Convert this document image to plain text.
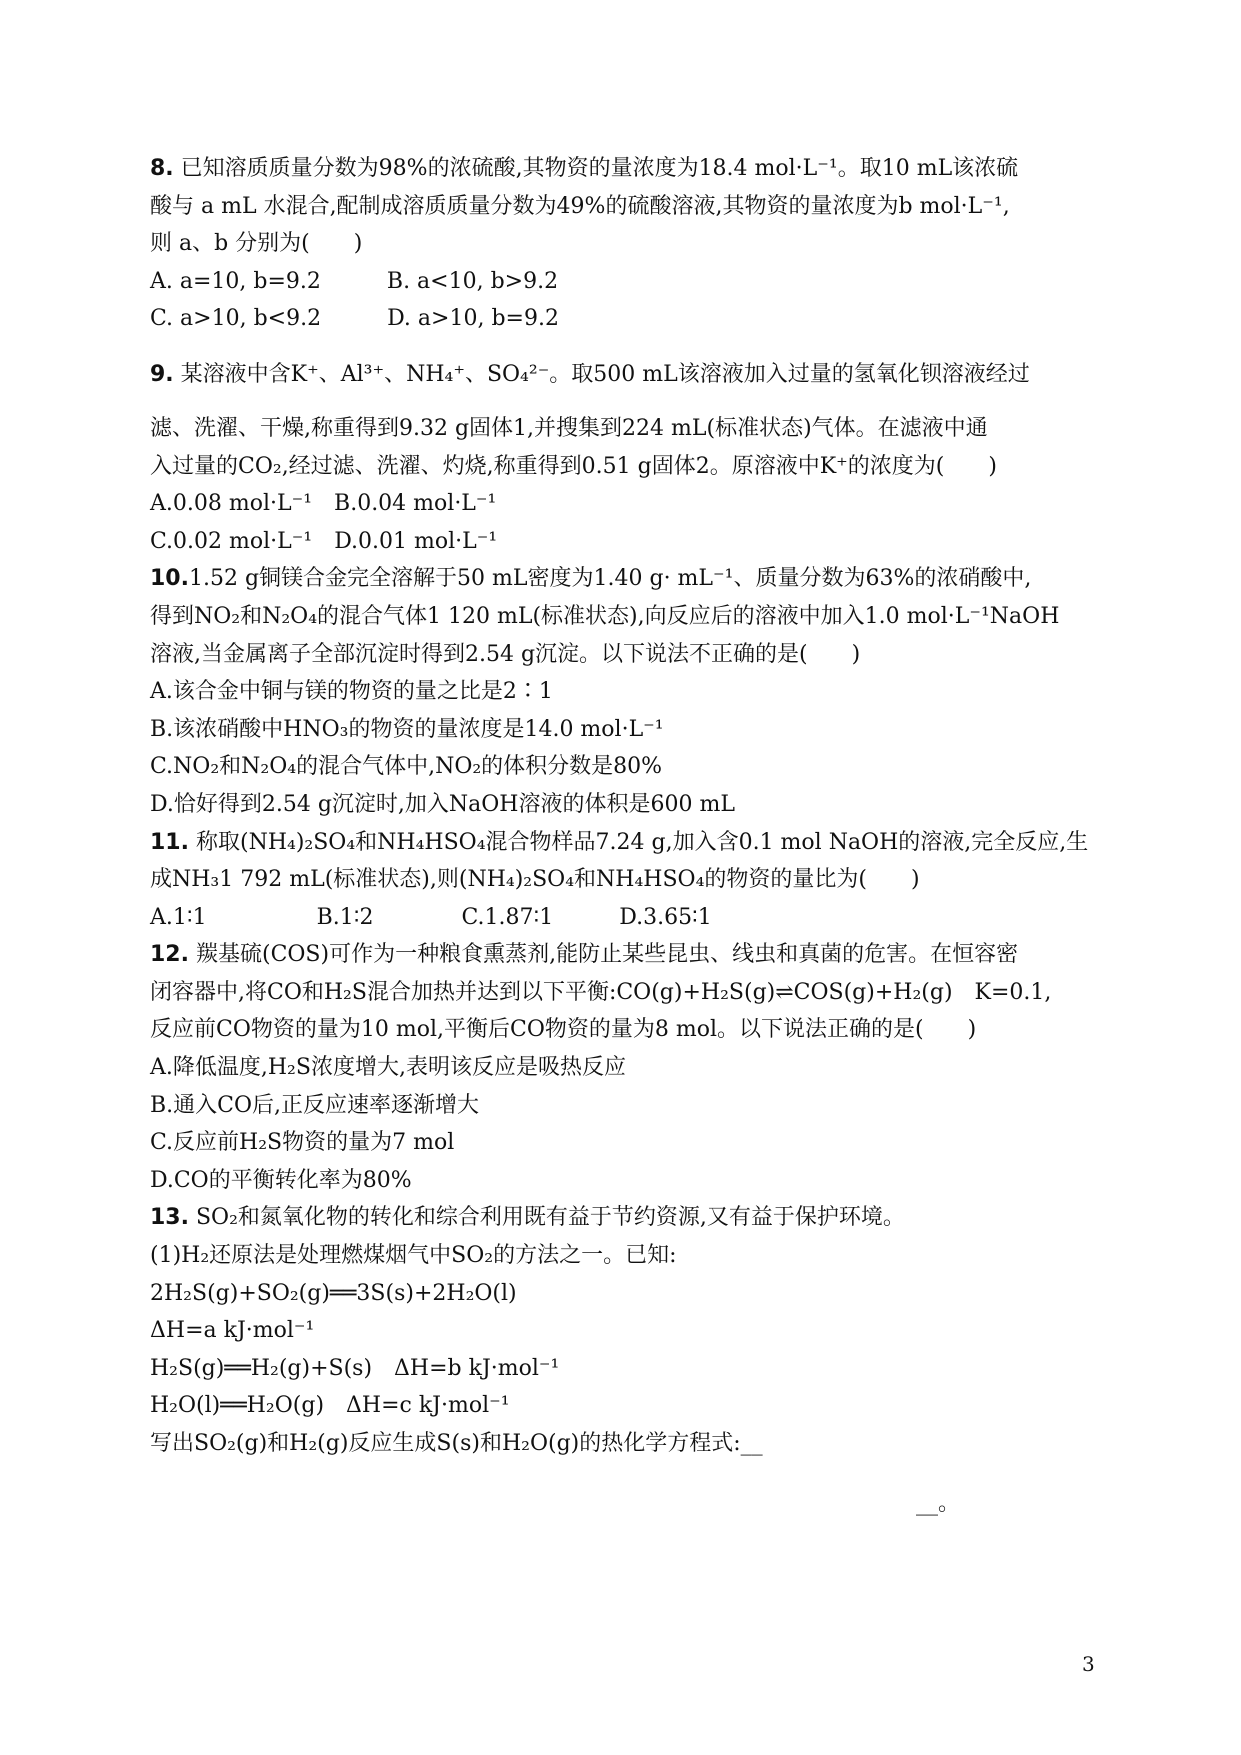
8. 已知溶质质量分数为98%的浓硫酸,其物资的量浓度为18.4 mol·L⁻¹。取10 mL该浓硫
酸与 a mL 水混合,配制成溶质质量分数为49%的硫酸溶液,其物资的量浓度为b mol·L⁻¹,
则 a、b 分别为(　　)
A. a=10, b=9.2　　　B. a<10, b>9.2
C. a>10, b<9.2　　　D. a>10, b=9.2
9. 某溶液中含K⁺、Al³⁺、NH₄⁺、SO₄²⁻。取500 mL该溶液加入过量的氢氧化钡溶液经过
滤、洗濯、干燥,称重得到9.32 g固体1,并搜集到224 mL(标准状态)气体。在滤液中通
入过量的CO₂,经过滤、洗濯、灼烧,称重得到0.51 g固体2。原溶液中K⁺的浓度为(　　)
A.0.08 mol·L⁻¹　B.0.04 mol·L⁻¹
C.0.02 mol·L⁻¹　D.0.01 mol·L⁻¹
10.1.52 g铜镁合金完全溶解于50 mL密度为1.40 g· mL⁻¹、质量分数为63%的浓硝酸中,
得到NO₂和N₂O₄的混合气体1 120 mL(标准状态),向反应后的溶液中加入1.0 mol·L⁻¹NaOH
溶液,当金属离子全部沉淀时得到2.54 g沉淀。以下说法不正确的是(　　)
A.该合金中铜与镁的物资的量之比是2∶1
B.该浓硝酸中HNO₃的物资的量浓度是14.0 mol·L⁻¹
C.NO₂和N₂O₄的混合气体中,NO₂的体积分数是80%
D.恰好得到2.54 g沉淀时,加入NaOH溶液的体积是600 mL
11. 称取(NH₄)₂SO₄和NH₄HSO₄混合物样品7.24 g,加入含0.1 mol NaOH的溶液,完全反应,生
成NH₃1 792 mL(标准状态),则(NH₄)₂SO₄和NH₄HSO₄的物资的量比为(　　)
A.1∶1　　　　　B.1∶2　　　　C.1.87∶1　　　D.3.65∶1
12. 羰基硫(COS)可作为一种粮食熏蒸剂,能防止某些昆虫、线虫和真菌的危害。在恒容密
闭容器中,将CO和H₂S混合加热并达到以下平衡:CO(g)+H₂S(g)⇌COS(g)+H₂(g)　K=0.1,
反应前CO物资的量为10 mol,平衡后CO物资的量为8 mol。以下说法正确的是(　　)
A.降低温度,H₂S浓度增大,表明该反应是吸热反应
B.通入CO后,正反应速率逐渐增大
C.反应前H₂S物资的量为7 mol
D.CO的平衡转化率为80%
13. SO₂和氮氧化物的转化和综合利用既有益于节约资源,又有益于保护环境。
(1)H₂还原法是处理燃煤烟气中SO₂的方法之一。已知:
2H₂S(g)+SO₂(g)══3S(s)+2H₂O(l)
ΔH=a kJ·mol⁻¹
H₂S(g)══H₂(g)+S(s)　ΔH=b kJ·mol⁻¹
H₂O(l)══H₂O(g)　ΔH=c kJ·mol⁻¹
写出SO₂(g)和H₂(g)反应生成S(s)和H₂O(g)的热化学方程式:__
__。
3
